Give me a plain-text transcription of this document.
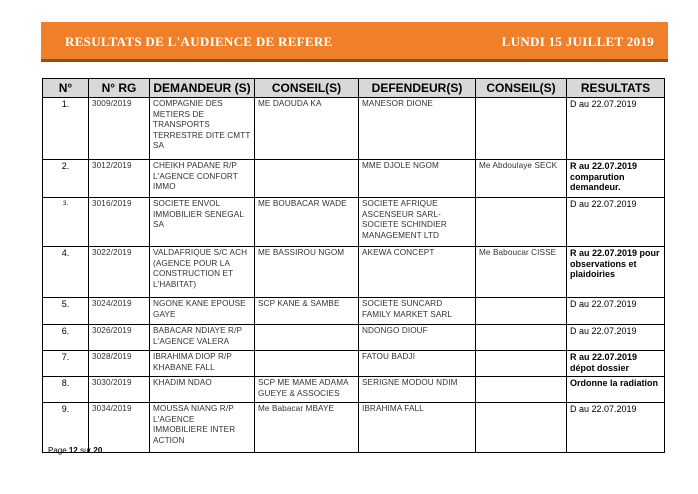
RESULTATS DE L'AUDIENCE DE REFERE	LUNDI 15 JUILLET 2019
N°	N° RG	DEMANDEUR (S)	CONSEIL(S)	DEFENDEUR(S)	CONSEIL(S)	RESULTATS
1.	3009/2019	COMPAGNIE DES METIERS DE TRANSPORTS TERRESTRE DITE CMTT SA	ME DAOUDA KA	MANESOR DIONE		D au 22.07.2019
2.	3012/2019	CHEIKH PADANE R/P L'AGENCE CONFORT IMMO		MME DJOLE NGOM	Me Abdoulaye SECK	R au 22.07.2019 comparution demandeur.
3.	3016/2019	SOCIETE ENVOL IMMOBILIER SENEGAL SA	ME BOUBACAR WADE	SOCIETE AFRIQUE ASCENSEUR SARL-SOCIETE SCHINDIER MANAGEMENT LTD		D au 22.07.2019
4.	3022/2019	VALDAFRIQUE S/C ACH (AGENCE POUR LA CONSTRUCTION ET L'HABITAT)	ME BASSIROU NGOM	AKEWA CONCEPT	Me Baboucar CISSE	R au 22.07.2019 pour observations et plaidoiries
5.	3024/2019	NGONE KANE EPOUSE GAYE	SCP KANE & SAMBE	SOCIETE SUNCARD FAMILY MARKET SARL		D au 22.07.2019
6.	3026/2019	BABACAR NDIAYE R/P L'AGENCE VALERA		NDONGO DIOUF		D au 22.07.2019
7.	3028/2019	IBRAHIMA DIOP R/P KHABANE FALL		FATOU BADJI		R au 22.07.2019 dépot dossier
8.	3030/2019	KHADIM NDAO	SCP ME MAME ADAMA GUEYE & ASSOCIES	SERIGNE MODOU NDIM		Ordonne la radiation
9.	3034/2019	MOUSSA NIANG R/P L'AGENCE IMMOBILIERE INTER ACTION	Me Babacar MBAYE	IBRAHIMA FALL		D au 22.07.2019
Page 12 sur 20
